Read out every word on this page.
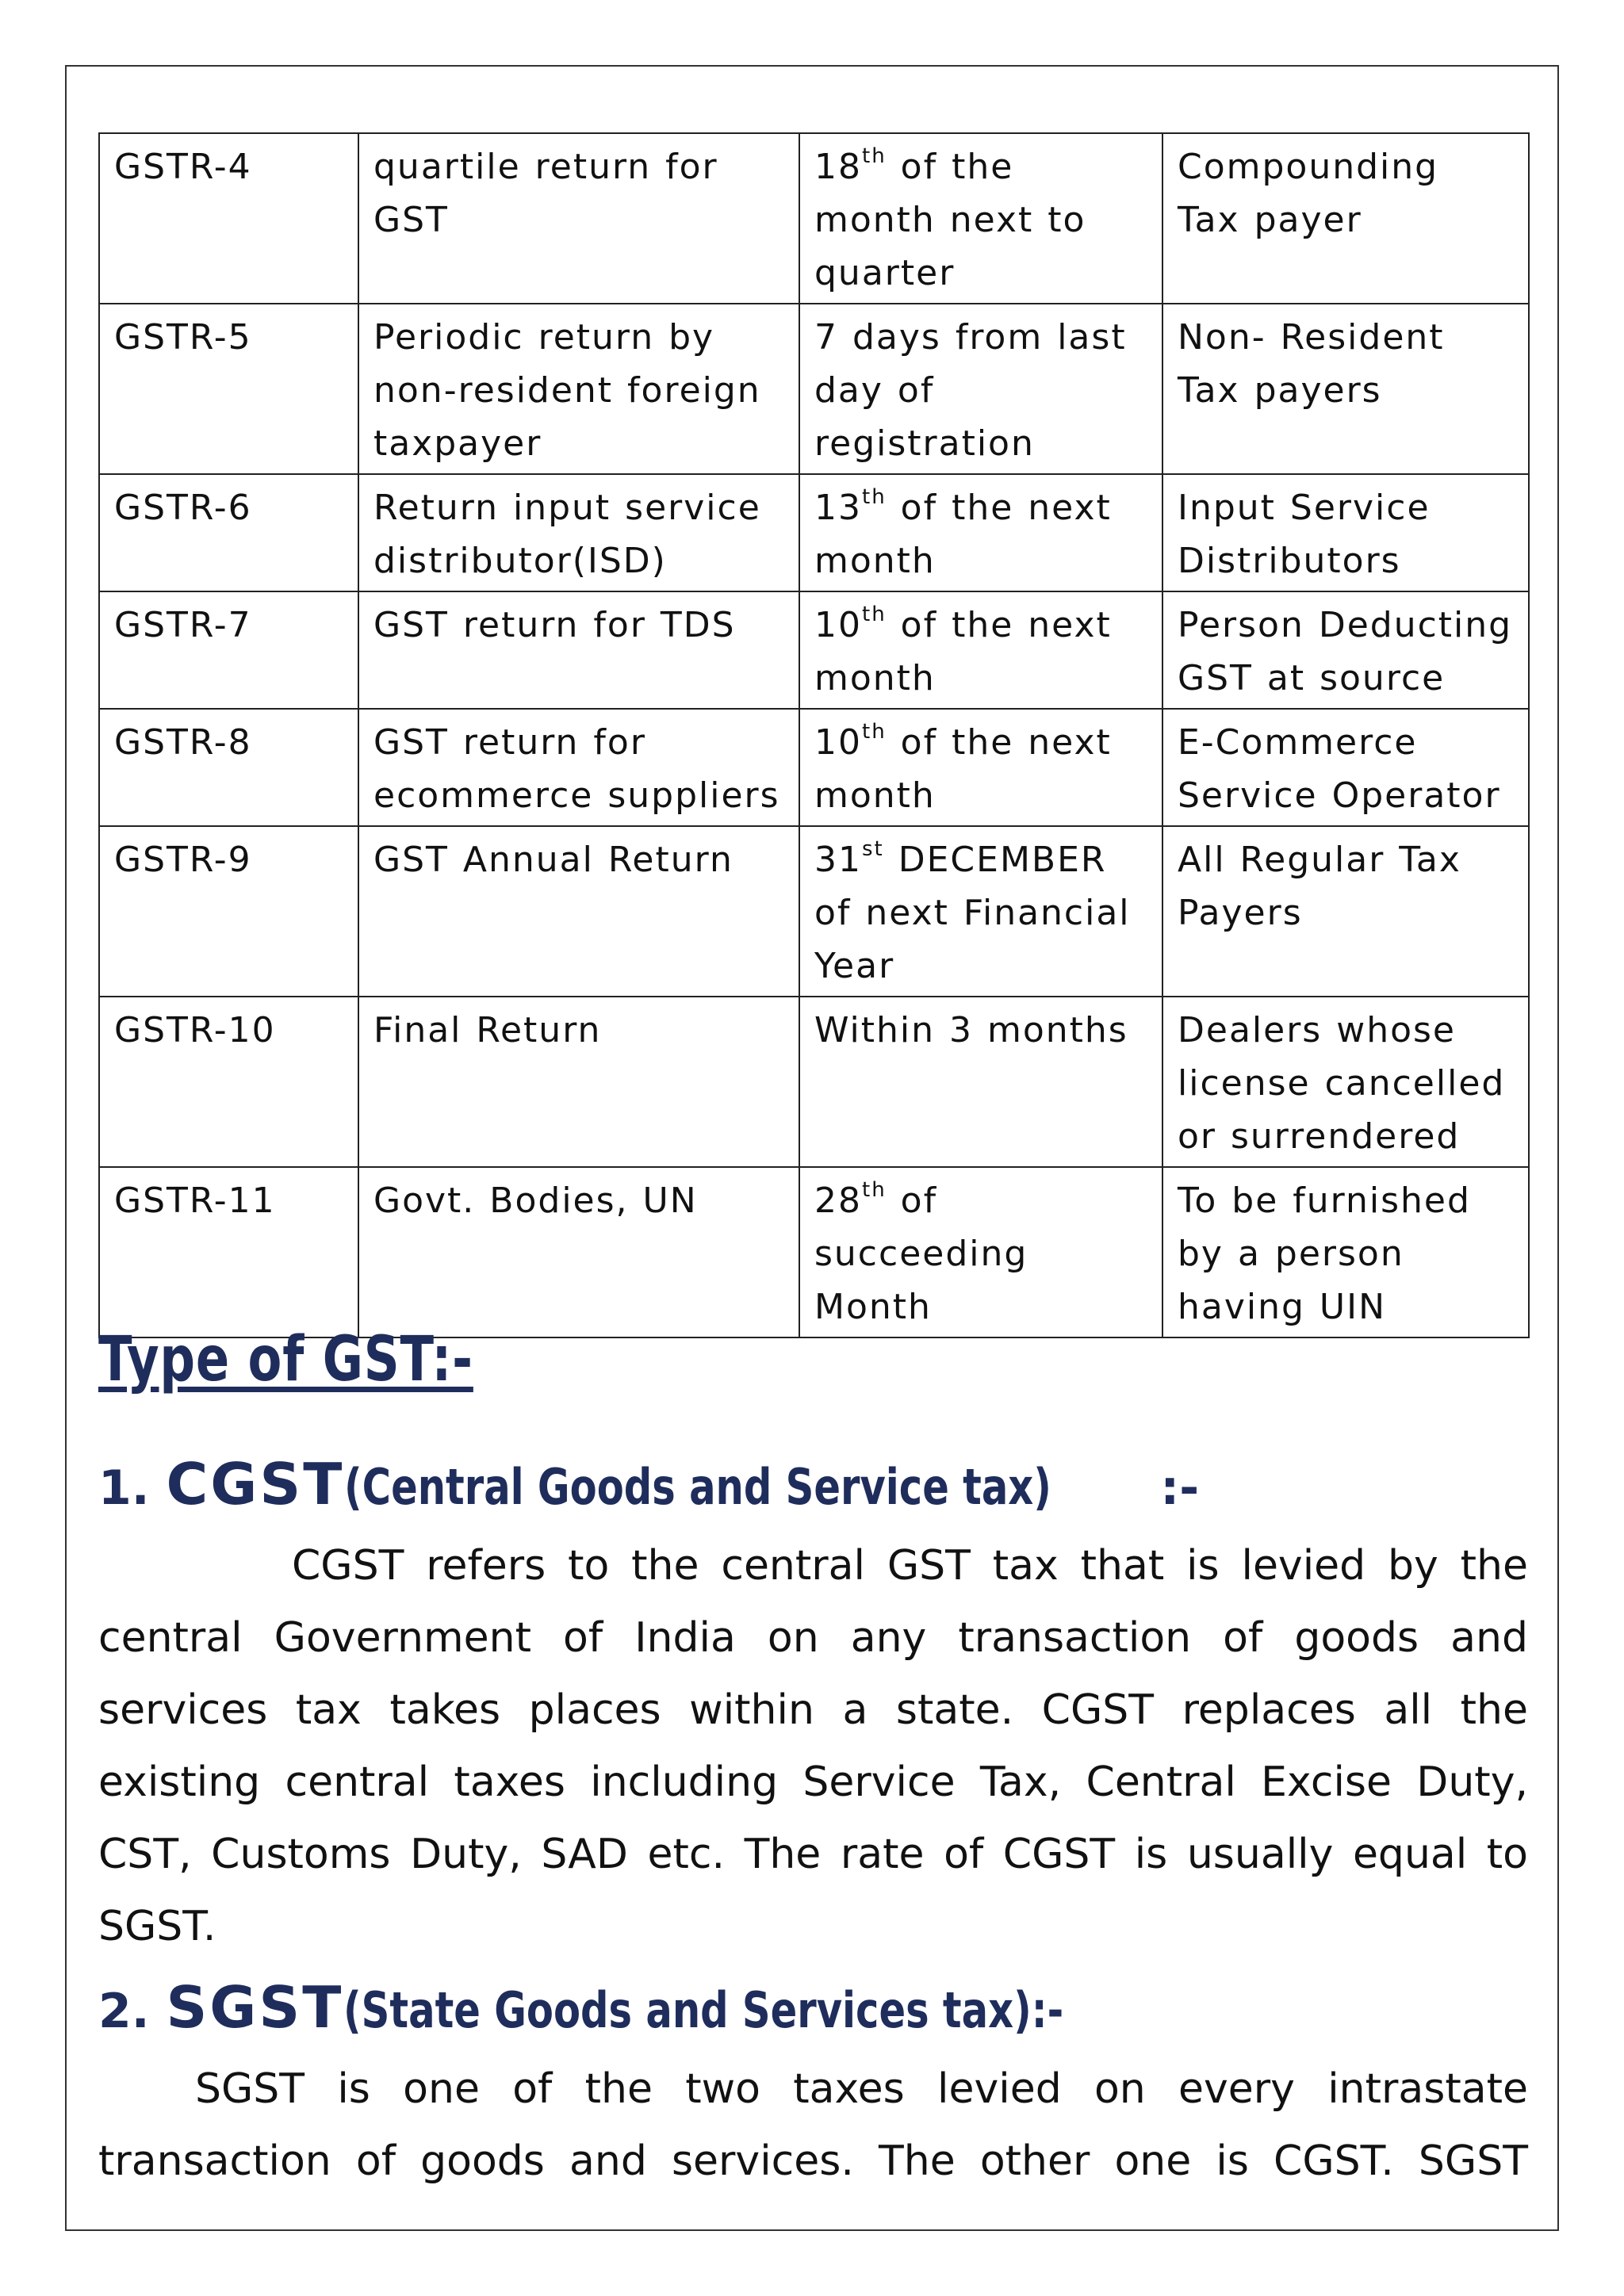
GSTR-4	quartile return for GST	18th of the month next to quarter	Compounding Tax payer
GSTR-5	Periodic return by non-resident foreign taxpayer	7 days from last day of registration	Non- Resident Tax payers
GSTR-6	Return input service distributor(ISD)	13th of the next month	Input Service Distributors
GSTR-7	GST return for TDS	10th of the next month	Person Deducting GST at source
GSTR-8	GST return for ecommerce suppliers	10th of the next month	E-Commerce Service Operator
GSTR-9	GST Annual Return	31st DECEMBER of next Financial Year	All Regular Tax Payers
GSTR-10	Final Return	Within 3 months	Dealers whose license cancelled or surrendered
GSTR-11	Govt. Bodies, UN	28th of succeeding Month	To be furnished by a person having UIN
Type of GST:-
1. CGST(Central Goods and Service tax) :-
CGST refers to the central GST tax that is levied by the central Government of India on any transaction of goods and services tax takes places within a state. CGST replaces all the existing central taxes including Service Tax, Central Excise Duty, CST, Customs Duty, SAD etc. The rate of CGST is usually equal to SGST.
2. SGST(State Goods and Services tax):-
SGST is one of the two taxes levied on every intrastate transaction of goods and services. The other one is CGST. SGST
